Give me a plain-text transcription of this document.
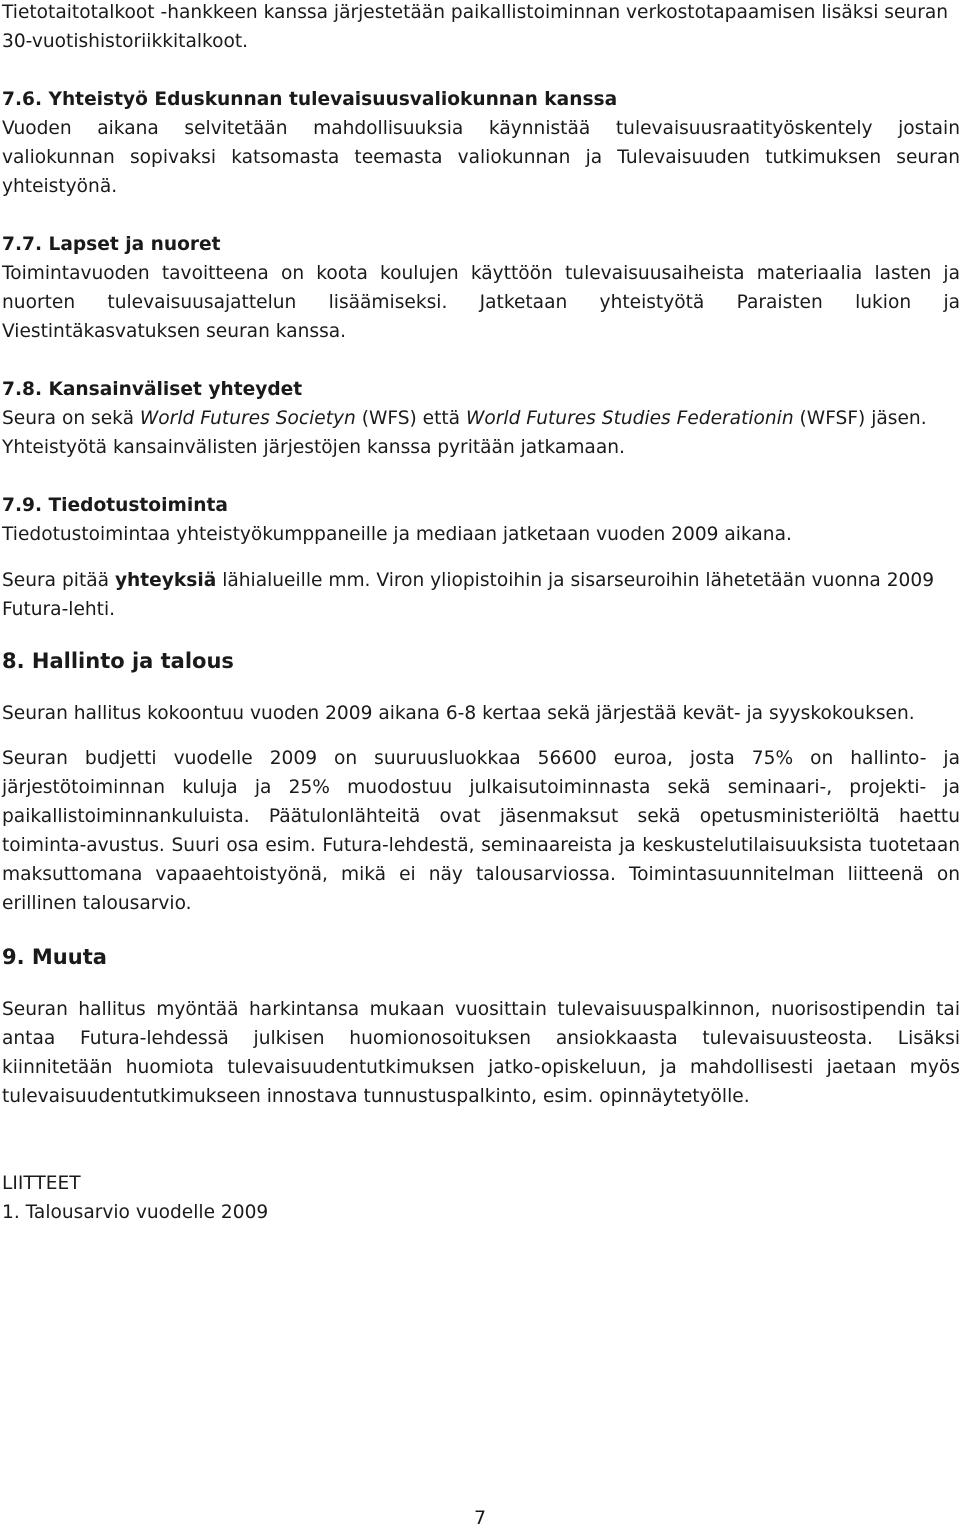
Tietotaitotalkoot -hankkeen kanssa järjestetään paikallistoiminnan verkostotapaamisen lisäksi seuran 30-vuotishistoriikkitalkoot.

7.6. Yhteistyö Eduskunnan tulevaisuusvaliokunnan kanssa
Vuoden aikana selvitetään mahdollisuuksia käynnistää tulevaisuusraatityöskentely jostain valiokunnan sopivaksi katsomasta teemasta valiokunnan ja Tulevaisuuden tutkimuksen seuran yhteistyönä.

7.7. Lapset ja nuoret
Toimintavuoden tavoitteena on koota koulujen käyttöön tulevaisuusaiheista materiaalia lasten ja nuorten tulevaisuusajattelun lisäämiseksi. Jatketaan yhteistyötä Paraisten lukion ja Viestintäkasvatuksen seuran kanssa.

7.8. Kansainväliset yhteydet
Seura on sekä World Futures Societyn (WFS) että World Futures Studies Federationin (WFSF) jäsen. Yhteistyötä kansainvälisten järjestöjen kanssa pyritään jatkamaan.

7.9. Tiedotustoiminta
Tiedotustoimintaa yhteistyökumppaneille ja mediaan jatketaan vuoden 2009 aikana.

Seura pitää yhteyksiä lähialueille mm. Viron yliopistoihin ja sisarseuroihin lähetetään vuonna 2009 Futura-lehti.

8. Hallinto ja talous

Seuran hallitus kokoontuu vuoden 2009 aikana 6-8 kertaa sekä järjestää kevät- ja syyskokouksen.

Seuran budjetti vuodelle 2009 on suuruusluokkaa 56600 euroa, josta 75% on hallinto- ja järjestötoiminnan kuluja ja 25% muodostuu julkaisutoiminnasta sekä seminaari-, projekti- ja paikallistoiminnankuluista. Päätulonlähteitä ovat jäsenmaksut sekä opetusministeriöltä haettu toiminta-avustus. Suuri osa esim. Futura-lehdestä, seminaareista ja keskustelutilaisuuksista tuotetaan maksuttomana vapaaehtoistyönä, mikä ei näy talousarviossa. Toimintasuunnitelman liitteenä on erillinen talousarvio.

9. Muuta

Seuran hallitus myöntää harkintansa mukaan vuosittain tulevaisuuspalkinnon, nuorisostipendin tai antaa Futura-lehdessä julkisen huomionosoituksen ansiokkaasta tulevaisuusteosta. Lisäksi kiinnitetään huomiota tulevaisuudentutkimuksen jatko-opiskeluun, ja mahdollisesti jaetaan myös tulevaisuudentutkimukseen innostava tunnustuspalkinto, esim. opinnäytetyölle.

LIITTEET
1. Talousarvio vuodelle 2009
7
